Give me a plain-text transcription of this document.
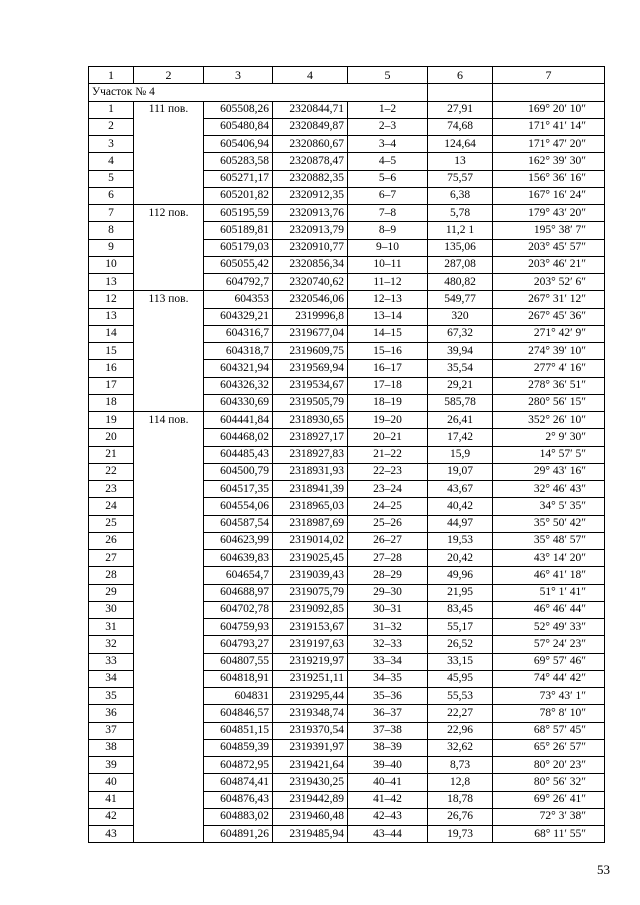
1	2	3	4	5	6	7
Участок № 4						
1	111 пов.	605508,26	2320844,71	1–2	27,91	169° 20′ 10″
2		605480,84	2320849,87	2–3	74,68	171° 41′ 14″
3		605406,94	2320860,67	3–4	124,64	171° 47′ 20″
4		605283,58	2320878,47	4–5	13	162° 39′ 30″
5		605271,17	2320882,35	5–6	75,57	156° 36′ 16″
6		605201,82	2320912,35	6–7	6,38	167° 16′ 24″
7	112 пов.	605195,59	2320913,76	7–8	5,78	179° 43′ 20″
8		605189,81	2320913,79	8–9	11,2 1	195° 38′ 7″
9		605179,03	2320910,77	9–10	135,06	203° 45′ 57″
10		605055,42	2320856,34	10–11	287,08	203° 46′ 21″
13		604792,7	2320740,62	11–12	480,82	203° 52′ 6″
12	113 пов.	604353	2320546,06	12–13	549,77	267° 31′ 12″
13		604329,21	2319996,8	13–14	320	267° 45′ 36″
14		604316,7	2319677,04	14–15	67,32	271° 42′ 9″
15		604318,7	2319609,75	15–16	39,94	274° 39′ 10″
16		604321,94	2319569,94	16–17	35,54	277° 4′ 16″
17		604326,32	2319534,67	17–18	29,21	278° 36′ 51″
18		604330,69	2319505,79	18–19	585,78	280° 56′ 15″
19	114 пов.	604441,84	2318930,65	19–20	26,41	352° 26′ 10″
20		604468,02	2318927,17	20–21	17,42	2° 9′ 30″
21		604485,43	2318927,83	21–22	15,9	14° 57′ 5″
22		604500,79	2318931,93	22–23	19,07	29° 43′ 16″
23		604517,35	2318941,39	23–24	43,67	32° 46′ 43″
24		604554,06	2318965,03	24–25	40,42	34° 5′ 35″
25		604587,54	2318987,69	25–26	44,97	35° 50′ 42″
26		604623,99	2319014,02	26–27	19,53	35° 48′ 57″
27		604639,83	2319025,45	27–28	20,42	43° 14′ 20″
28		604654,7	2319039,43	28–29	49,96	46° 41′ 18″
29		604688,97	2319075,79	29–30	21,95	51° 1′ 41″
30		604702,78	2319092,85	30–31	83,45	46° 46′ 44″
31		604759,93	2319153,67	31–32	55,17	52° 49′ 33″
32		604793,27	2319197,63	32–33	26,52	57° 24′ 23″
33		604807,55	2319219,97	33–34	33,15	69° 57′ 46″
34		604818,91	2319251,11	34–35	45,95	74° 44′ 42″
35		604831	2319295,44	35–36	55,53	73° 43′ 1″
36		604846,57	2319348,74	36–37	22,27	78° 8′ 10″
37		604851,15	2319370,54	37–38	22,96	68° 57′ 45″
38		604859,39	2319391,97	38–39	32,62	65° 26′ 57″
39		604872,95	2319421,64	39–40	8,73	80° 20′ 23″
40		604874,41	2319430,25	40–41	12,8	80° 56′ 32″
41		604876,43	2319442,89	41–42	18,78	69° 26′ 41″
42		604883,02	2319460,48	42–43	26,76	72° 3′ 38″
43		604891,26	2319485,94	43–44	19,73	68° 11′ 55″
53
